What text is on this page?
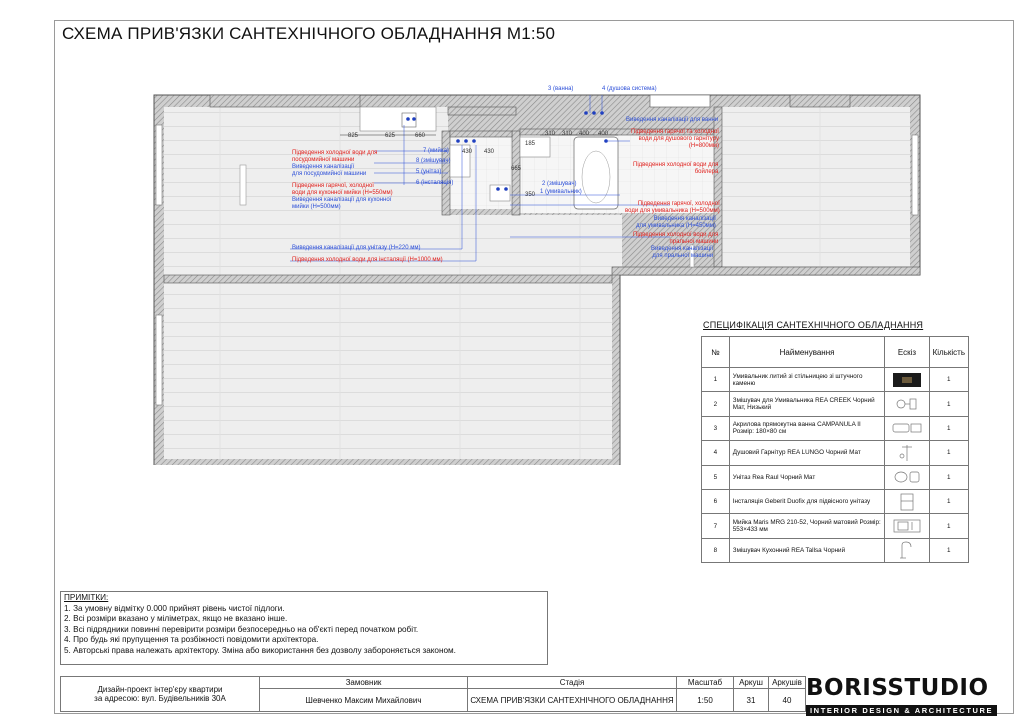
СХЕМА ПРИВ'ЯЗКИ САНТЕХНІЧНОГО ОБЛАДНАННЯ М1:50
825	625	660	310 310 400 400
430 430
185
665
350
3 (ванна)	4 (душова система)
Підведення холодної води для
посудомийної машини
Виведення каналізації
для посудомийної машини
Підведення гарячої, холодної
води для кухонної мийки (H=550мм)
Виведення каналізації для кухонної
мийки (H=500мм)
Виведення каналізації для унітазу (H=220 мм)
Підведення холодної води для інсталяції (H=1000 мм)
7 (мийка)
8 (змішувач)
5 (унітаз)
6 (інсталяція)	2 (змішувач)
1 (умивальник)
Виведення каналізації для ванни
Підведення гарячої та холодної
води для душового гарнітуру
(H=800мм)
Підведення холодної води для
бойлера
Підведення гарячої, холодної
води для умивальника (H=500мм)
Виведення каналізації
для умивальника (H=450мм)
Підведення холодної води для
пральної машини
Виведення каналізації
для пральної машини
СПЕЦИФІКАЦІЯ САНТЕХНІЧНОГО ОБЛАДНАННЯ
№	Найменування	Ескіз	Кількість
1	Умивальник литий зі стільницею зі штучного каменю		1
2	Змішувач для Умивальника REA CREEK Чорний Мат, Низький		1
3	Акрилова прямокутна ванна CAMPANULA II Розмір: 180×80 см		1
4	Душовий Гарнітур REA LUNGO Чорний Мат		1
5	Унітаз Rea Raul Чорний Мат		1
6	Інсталяція Geberit Duofix для підвісного унітазу		1
7	Мийка Maris MRG 210-52, Чорний матовий Розмір: 553×433 мм		1
8	Змішувач Кухонний REA Tallsa Чорний		1
ПРИМІТКИ:
1. За умовну відмітку 0.000 прийнят рівень чистої підлоги.
2. Всі розміри вказано у міліметрах, якщо не вказано інше.
3. Всі підрядники повинні перевірити розміри безпосередньо на об'єкті перед початком робіт.
4. Про будь які прупущення та розбіжності повідомити архітектора.
5. Авторські права належать архітектору. Зміна або використання без дозволу забороняється законом.
Дизайн-проект інтер'єру квартири
за адресою: вул. Будівельників 30А
Замовник
Шевченко Максим Михайлович
Стадія
СХЕМА ПРИВ'ЯЗКИ САНТЕХНІЧНОГО ОБЛАДНАННЯ
Масштаб
1:50
Аркуш
31
Аркушів
40 BORISSTUDIO
INTERIOR DESIGN & ARCHITECTURE
